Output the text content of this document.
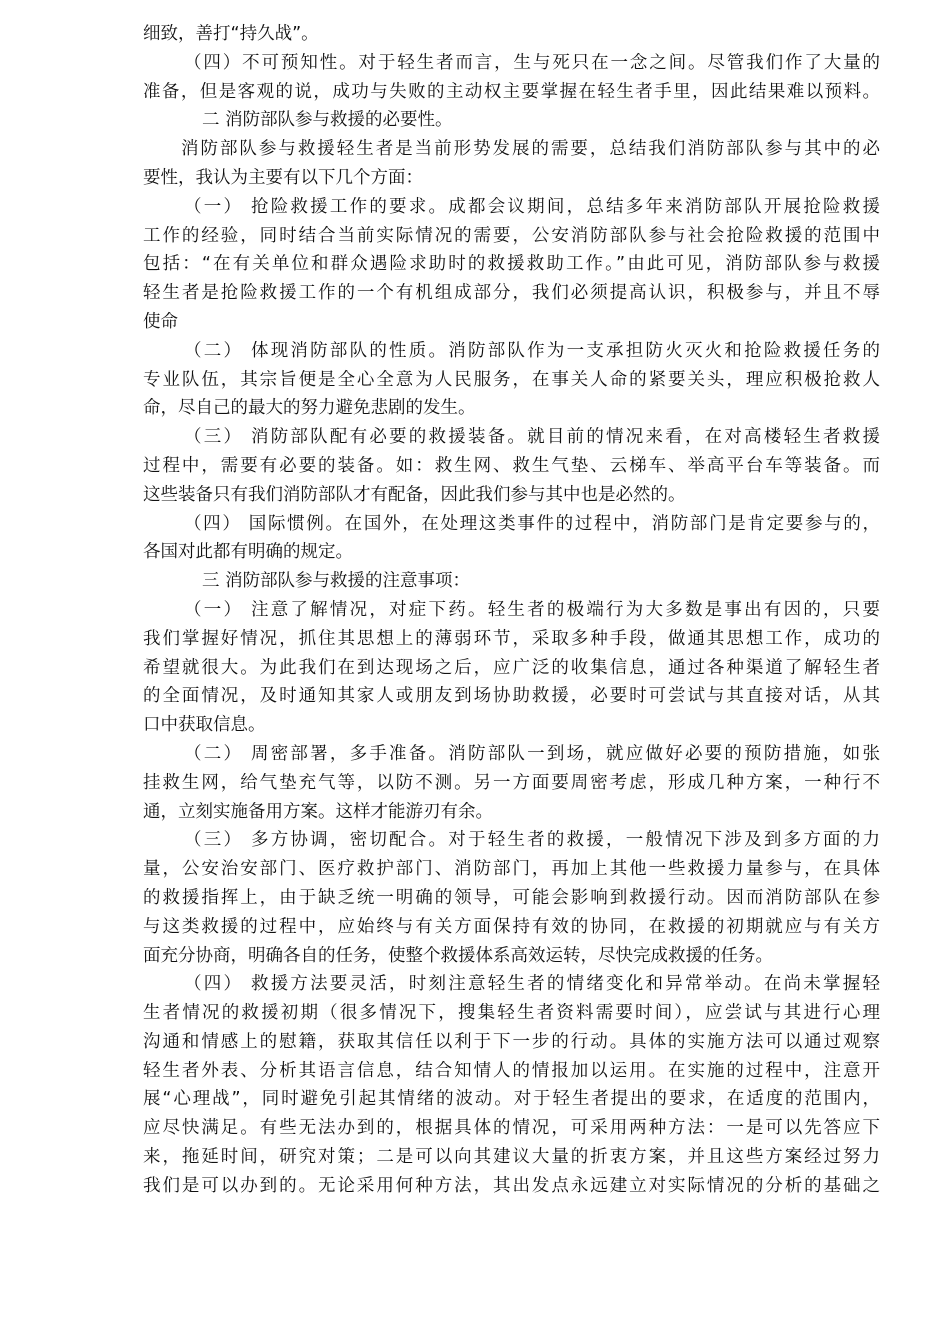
细致，善打“持久战”。
（四）不可预知性。对于轻生者而言，生与死只在一念之间。尽管我们作了大量的
准备，但是客观的说，成功与失败的主动权主要掌握在轻生者手里，因此结果难以预料。
二 消防部队参与救援的必要性。
消防部队参与救援轻生者是当前形势发展的需要，总结我们消防部队参与其中的必
要性，我认为主要有以下几个方面：
（一） 抢险救援工作的要求。成都会议期间，总结多年来消防部队开展抢险救援
工作的经验，同时结合当前实际情况的需要，公安消防部队参与社会抢险救援的范围中
包括：“在有关单位和群众遇险求助时的救援救助工作。”由此可见，消防部队参与救援
轻生者是抢险救援工作的一个有机组成部分，我们必须提高认识，积极参与，并且不辱
使命
（二） 体现消防部队的性质。消防部队作为一支承担防火灭火和抢险救援任务的
专业队伍，其宗旨便是全心全意为人民服务，在事关人命的紧要关头，理应积极抢救人
命，尽自己的最大的努力避免悲剧的发生。
（三） 消防部队配有必要的救援装备。就目前的情况来看，在对高楼轻生者救援
过程中，需要有必要的装备。如：救生网、救生气垫、云梯车、举高平台车等装备。而
这些装备只有我们消防部队才有配备，因此我们参与其中也是必然的。
（四） 国际惯例。在国外，在处理这类事件的过程中，消防部门是肯定要参与的，
各国对此都有明确的规定。
三 消防部队参与救援的注意事项：
（一） 注意了解情况，对症下药。轻生者的极端行为大多数是事出有因的，只要
我们掌握好情况，抓住其思想上的薄弱环节，采取多种手段，做通其思想工作，成功的
希望就很大。为此我们在到达现场之后，应广泛的收集信息，通过各种渠道了解轻生者
的全面情况，及时通知其家人或朋友到场协助救援，必要时可尝试与其直接对话，从其
口中获取信息。
（二） 周密部署，多手准备。消防部队一到场，就应做好必要的预防措施，如张
挂救生网，给气垫充气等，以防不测。另一方面要周密考虑，形成几种方案，一种行不
通，立刻实施备用方案。这样才能游刃有余。
（三） 多方协调，密切配合。对于轻生者的救援，一般情况下涉及到多方面的力
量，公安治安部门、医疗救护部门、消防部门，再加上其他一些救援力量参与，在具体
的救援指挥上，由于缺乏统一明确的领导，可能会影响到救援行动。因而消防部队在参
与这类救援的过程中，应始终与有关方面保持有效的协同，在救援的初期就应与有关方
面充分协商，明确各自的任务，使整个救援体系高效运转，尽快完成救援的任务。
（四） 救援方法要灵活，时刻注意轻生者的情绪变化和异常举动。在尚未掌握轻
生者情况的救援初期（很多情况下，搜集轻生者资料需要时间），应尝试与其进行心理
沟通和情感上的慰籍，获取其信任以利于下一步的行动。具体的实施方法可以通过观察
轻生者外表、分析其语言信息，结合知情人的情报加以运用。在实施的过程中，注意开
展“心理战”，同时避免引起其情绪的波动。对于轻生者提出的要求，在适度的范围内，
应尽快满足。有些无法办到的，根据具体的情况，可采用两种方法：一是可以先答应下
来，拖延时间，研究对策；二是可以向其建议大量的折衷方案，并且这些方案经过努力
我们是可以办到的。无论采用何种方法，其出发点永远建立对实际情况的分析的基础之
